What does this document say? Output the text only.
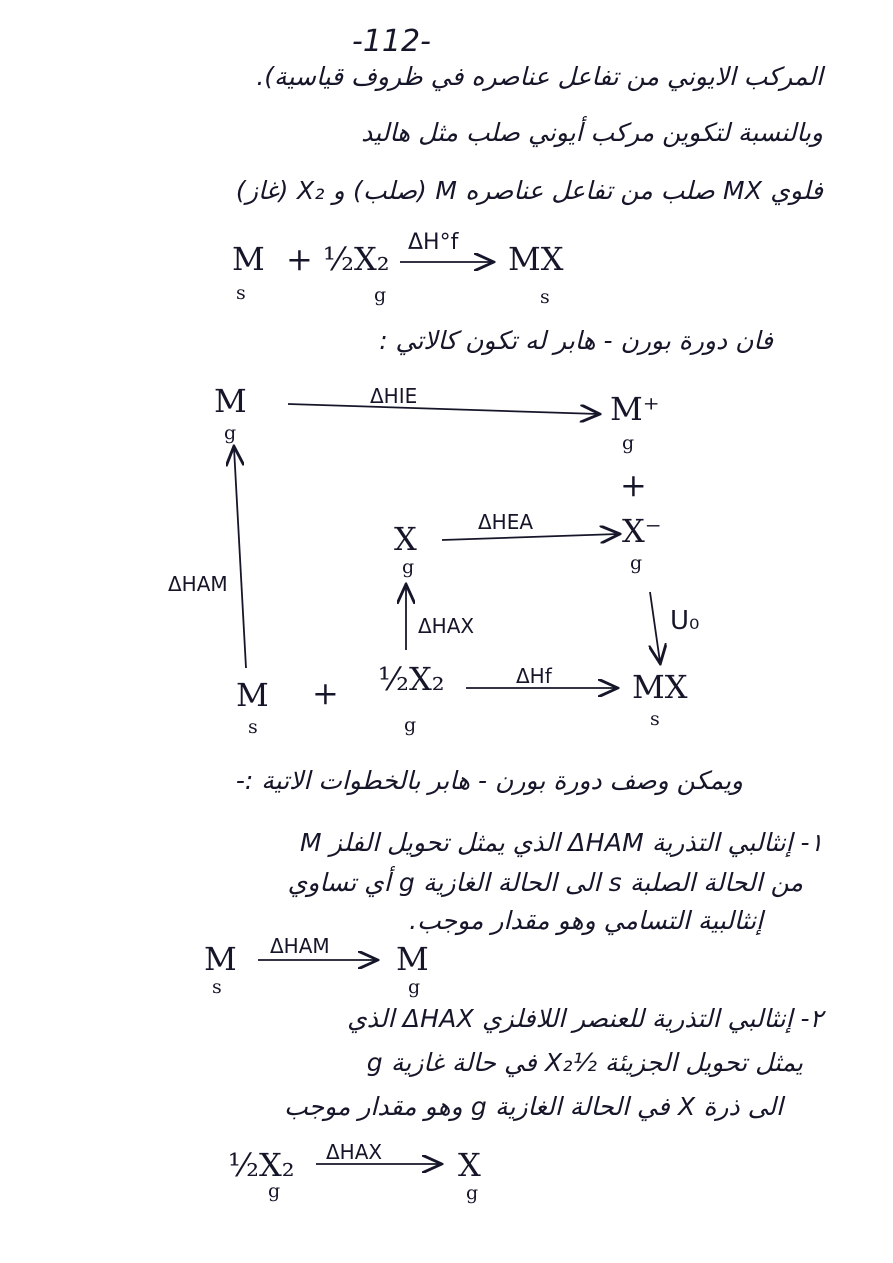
-112-
المركب الايوني من تفاعل عناصره في ظروف قياسية).
وبالنسبة لتكوين مركب أيوني صلب مثل هاليد
فلوي MX صلب من تفاعل عناصره M (صلب) و X₂ (غاز)
M
s
+ ½X₂
g
ΔH°f MX
s
فان دورة بورن - هابر له تكون كالاتي :
M
g
ΔHIE	M⁺
g
+
X
g
ΔHEA	X⁻
g
ΔHAM
ΔHAX	U₀
M
s
+ ½X₂
g
ΔHf	MX
s
ويمكن وصف دورة بورن - هابر بالخطوات الاتية :-
١- إنثالبي التذرية ΔHAM الذي يمثل تحويل الفلز M
من الحالة الصلبة s الى الحالة الغازية g أي تساوي
إنثالبية التسامي وهو مقدار موجب.
M
s
ΔHAM M
g
٢- إنثالبي التذرية للعنصر اللافلزي ΔHAX الذي
يمثل تحويل الجزيئة ½X₂ في حالة غازية g
الى ذرة X في الحالة الغازية g وهو مقدار موجب
½X₂
g
ΔHAX X
g
